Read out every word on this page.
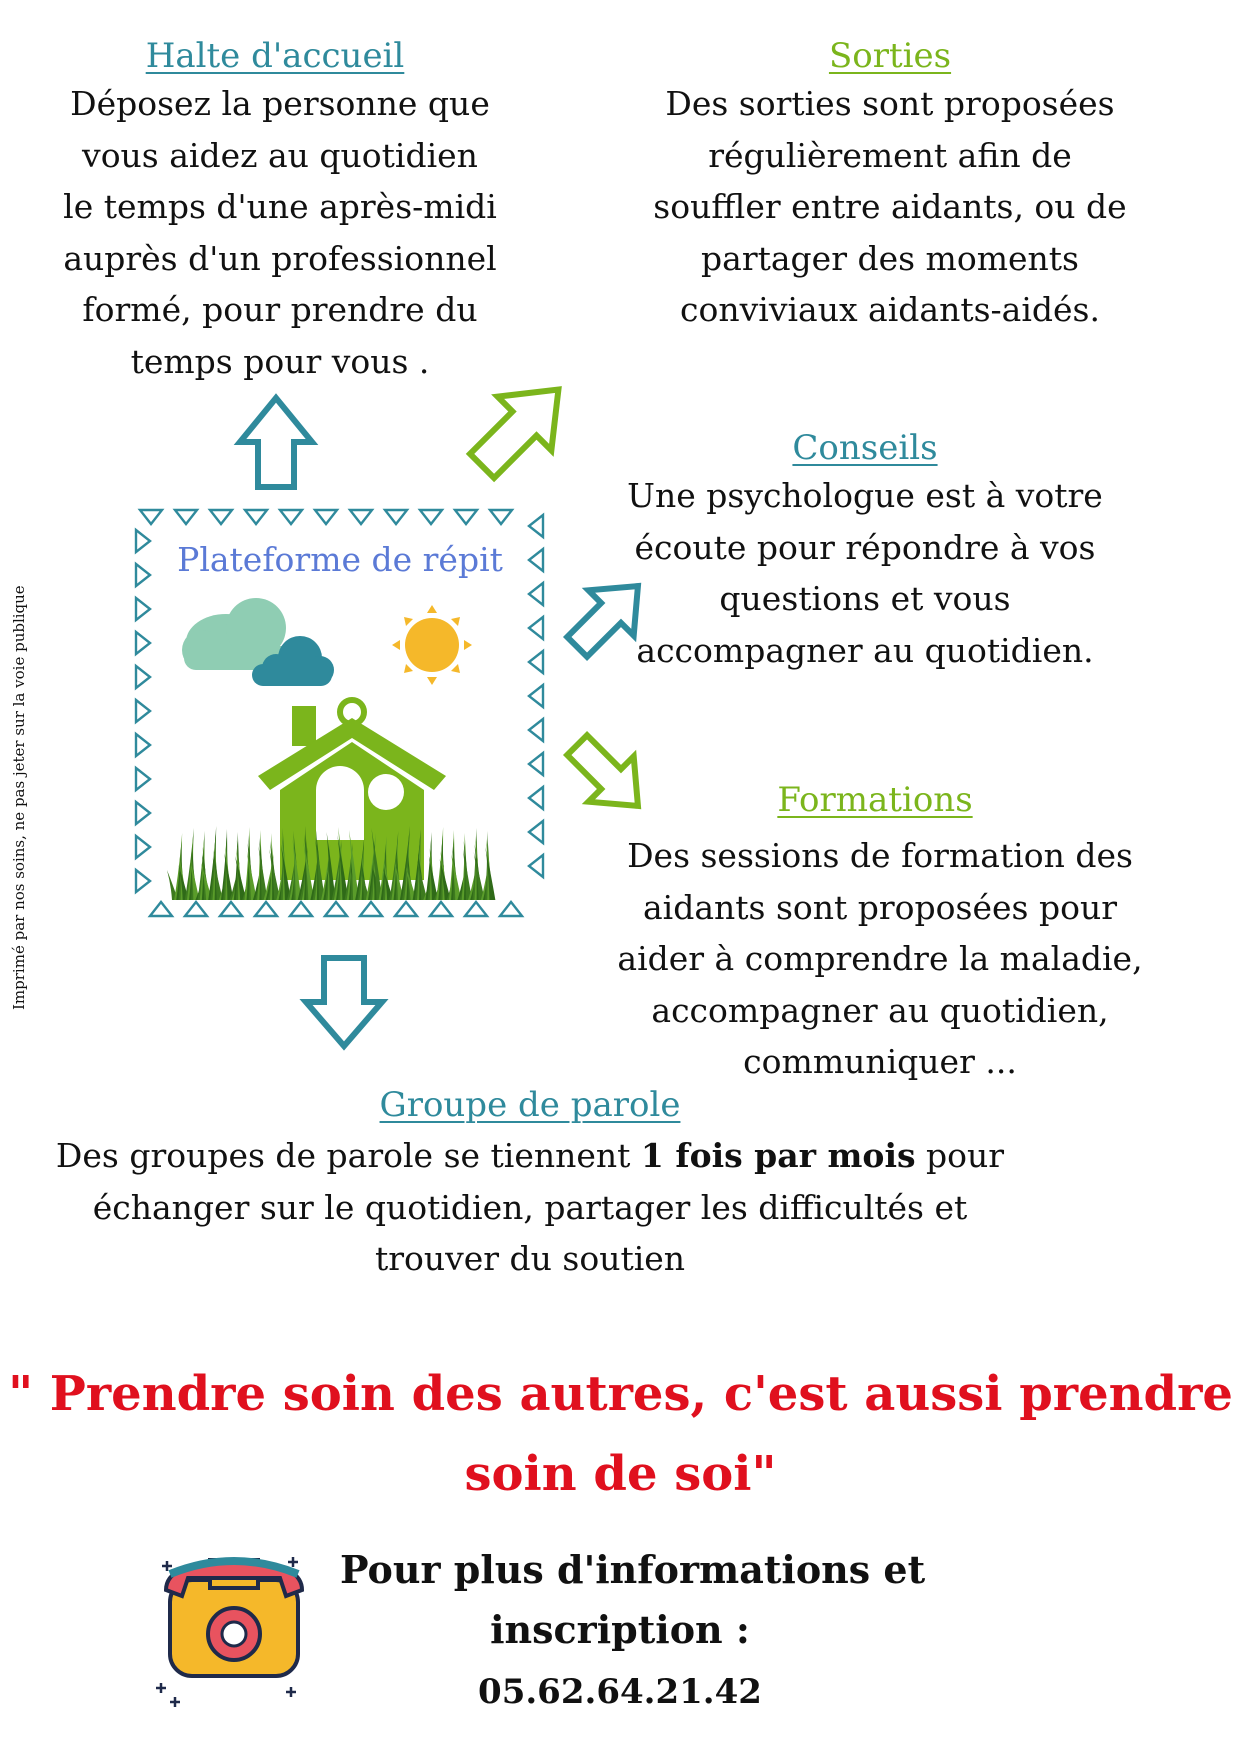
Imprimé par nos soins, ne pas jeter sur la voie publique
Halte d'accueil
Déposez la personne que
vous aidez au quotidien
le temps d'une après-midi
auprès d'un professionnel
formé, pour prendre du
temps pour vous .
Sorties
Des sorties sont proposées
régulièrement afin de
souffler entre aidants, ou de
partager des moments
conviviaux aidants-aidés.
Conseils
Une psychologue est à votre
écoute pour répondre à vos
questions et vous
accompagner au quotidien.
Formations
Des sessions de formation des
aidants sont proposées pour
aider à comprendre la maladie,
accompagner au quotidien,
communiquer ...
Groupe de parole
Des groupes de parole se tiennent 1 fois par mois pour
échanger sur le quotidien, partager les difficultés et
trouver du soutien
Plateforme de répit
" Prendre soin des autres, c'est aussi prendre
soin de soi"
Pour plus d'informations et
inscription :
05.62.64.21.42
